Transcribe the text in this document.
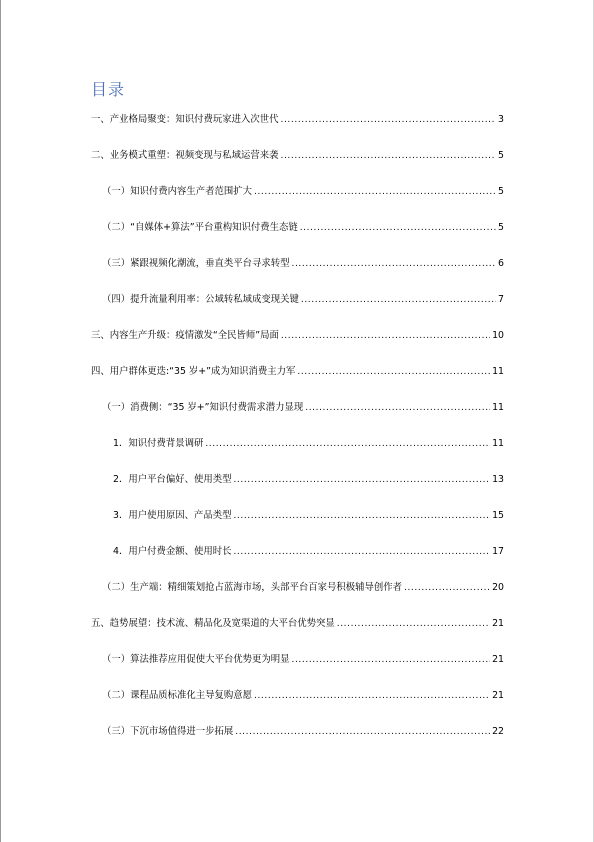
目录
一、产业格局聚变：知识付费玩家进入次世代 .....	3
二、业务模式重塑：视频变现与私域运营来袭 .....	5
（一）知识付费内容生产者范围扩大 .....	5
（二）“自媒体+算法”平台重构知识付费生态链 .....	5
（三）紧跟视频化潮流，垂直类平台寻求转型 .....	6
（四）提升流量利用率：公域转私域成变现关键 .....	7
三、内容生产升级：疫情激发“全民皆师”局面 .....	10
四、用户群体更迭:“35 岁+”成为知识消费主力军 .....	11
（一）消费侧：“35 岁+”知识付费需求潜力显现 .....	11
1．知识付费背景调研 .....	11
2．用户平台偏好、使用类型 .....	13
3．用户使用原因、产品类型 .....	15
4．用户付费金额、使用时长 .....	17
（二）生产端：精细策划抢占蓝海市场，头部平台百家号积极辅导创作者 .....	20
五、趋势展望：技术流、精品化及宽渠道的大平台优势突显 .....	21
（一）算法推荐应用促使大平台优势更为明显 .....	21
（二）课程品质标准化主导复购意愿 .....	21
（三）下沉市场值得进一步拓展 .....	22
